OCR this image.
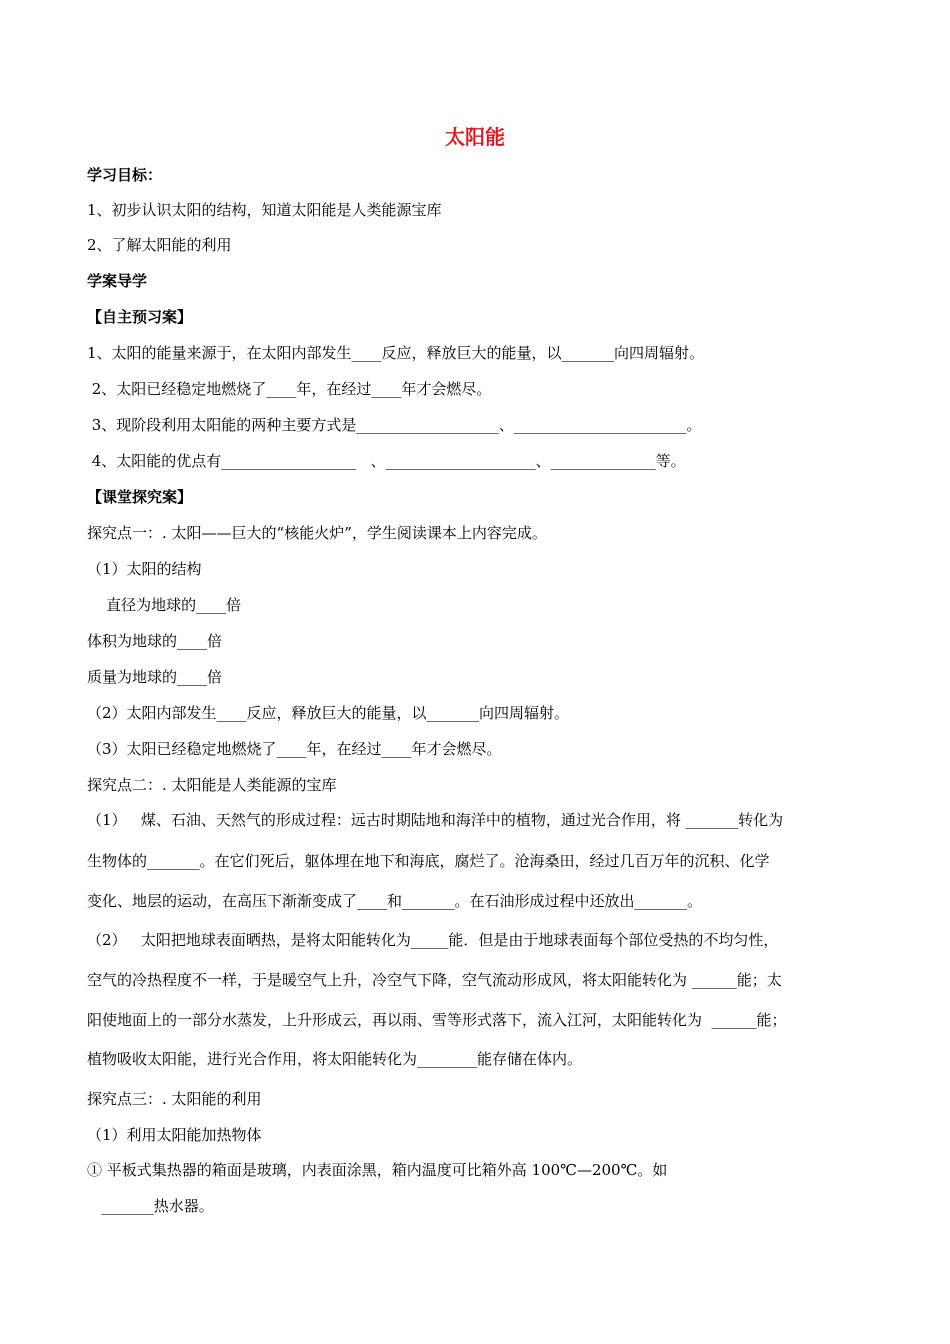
太阳能
学习目标：
1、初步认识太阳的结构，知道太阳能是人类能源宝库
2、了解太阳能的利用
学案导学
【自主预习案】
1、太阳的能量来源于，在太阳内部发生____反应，释放巨大的能量，以_______向四周辐射。
2、太阳已经稳定地燃烧了____年，在经过____年才会燃尽。
3、现阶段利用太阳能的两种主要方式是___________________、_______________________。
4、太阳能的优点有__________________   、____________________、______________等。
【课堂探究案】
探究点一：. 太阳——巨大的“核能火炉”，学生阅读课本上内容完成。
（1）太阳的结构
直径为地球的____倍
体积为地球的____倍
质量为地球的____倍
（2）太阳内部发生____反应，释放巨大的能量，以_______向四周辐射。
（3）太阳已经稳定地燃烧了____年，在经过____年才会燃尽。
探究点二：. 太阳能是人类能源的宝库
（1）   煤、石油、天然气的形成过程：远古时期陆地和海洋中的植物，通过光合作用，将 _______转化为
生物体的_______。在它们死后，躯体埋在地下和海底，腐烂了。沧海桑田，经过几百万年的沉积、化学
变化、地层的运动，在高压下渐渐变成了____和_______。在石油形成过程中还放出_______。
（2）   太阳把地球表面晒热，是将太阳能转化为_____能．但是由于地球表面每个部位受热的不均匀性，
空气的冷热程度不一样，于是暖空气上升，冷空气下降，空气流动形成风，将太阳能转化为 ______能；太
阳使地面上的一部分水蒸发，上升形成云，再以雨、雪等形式落下，流入江河，太阳能转化为  ______能；
植物吸收太阳能，进行光合作用，将太阳能转化为________能存储在体内。
探究点三：. 太阳能的利用
（1）利用太阳能加热物体
① 平板式集热器的箱面是玻璃，内表面涂黑，箱内温度可比箱外高 100℃—200℃。如
_______热水器。
